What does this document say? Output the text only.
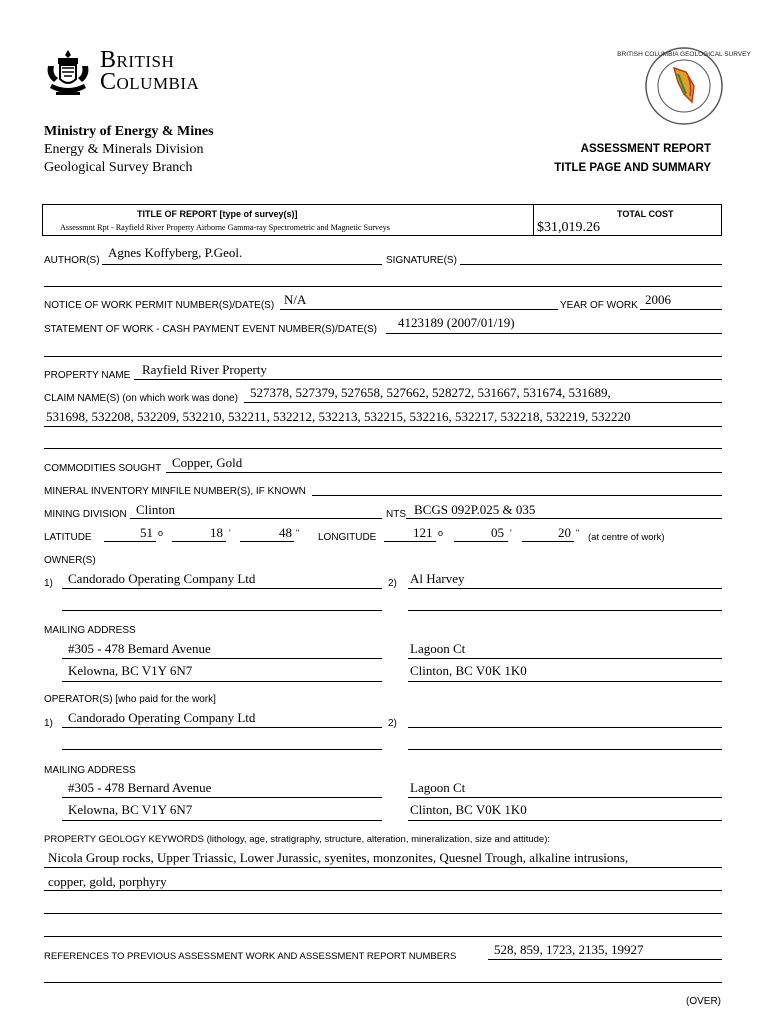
British
Columbia
BRITISH COLUMBIA GEOLOGICAL SURVEY
Ministry of Energy & Mines
Energy & Minerals Division
Geological Survey Branch
ASSESSMENT REPORT
TITLE PAGE AND SUMMARY
TITLE OF REPORT [type of survey(s)]
Assessmnt Rpt - Rayfield River Property Airborne Gamma-ray Spectrometric and Magnetic Surveys
TOTAL COST
$31,019.26
AUTHOR(S)
Agnes Koffyberg, P.Geol.
SIGNATURE(S)
NOTICE OF WORK PERMIT NUMBER(S)/DATE(S) N/A	YEAR OF WORK 2006
STATEMENT OF WORK - CASH PAYMENT EVENT NUMBER(S)/DATE(S) 4123189 (2007/01/19)
PROPERTY NAME Rayfield River Property
CLAIM NAME(S) (on which work was done) 527378, 527379, 527658, 527662, 528272, 531667, 531674, 531689,
531698, 532208, 532209, 532210, 532211, 532212, 532213, 532215, 532216, 532217, 532218, 532219, 532220
COMMODITIES SOUGHT Copper, Gold
MINERAL INVENTORY MINFILE NUMBER(S), IF KNOWN
MINING DIVISION Clinton	NTS BCGS 092P.025 & 035
LATITUDE	51 o	18 '	48 " LONGITUDE	121 o	05 '	20 " (at centre of work)
OWNER(S)
1) Candorado Operating Company Ltd	2) Al Harvey
MAILING ADDRESS
#305 - 478 Bemard Avenue	Lagoon Ct
Kelowna, BC V1Y 6N7	Clinton, BC V0K 1K0
OPERATOR(S) [who paid for the work]
1) Candorado Operating Company Ltd	2)
MAILING ADDRESS
#305 - 478 Bernard Avenue	Lagoon Ct
Kelowna, BC V1Y 6N7	Clinton, BC V0K 1K0
PROPERTY GEOLOGY KEYWORDS (lithology, age, stratigraphy, structure, alteration, mineralization, size and attitude):
Nicola Group rocks, Upper Triassic, Lower Jurassic, syenites, monzonites, Quesnel Trough, alkaline intrusions,
copper, gold, porphyry
REFERENCES TO PREVIOUS ASSESSMENT WORK AND ASSESSMENT REPORT NUMBERS	528, 859, 1723, 2135, 19927
(OVER)
